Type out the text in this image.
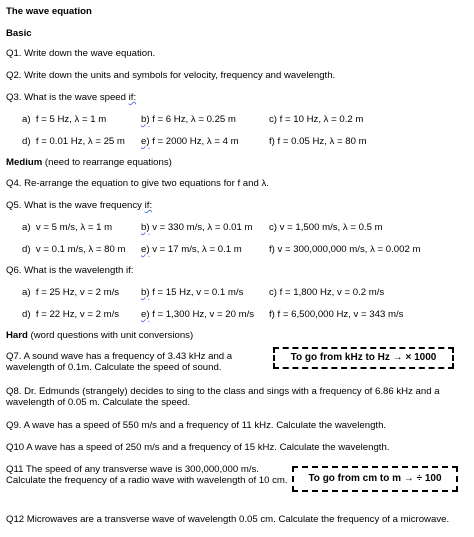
The wave equation
Basic
Q1. Write down the wave equation.
Q2. Write down the units and symbols for velocity, frequency and wavelength.
Q3. What is the wave speed if:
a) f = 5 Hz, λ = 1 m	b) f = 6 Hz, λ = 0.25 m	c) f = 10 Hz, λ = 0.2 m
d) f = 0.01 Hz, λ = 25 m e) f = 2000 Hz, λ = 4 m	f) f = 0.05 Hz, λ = 80 m
Medium (need to rearrange equations)
Q4. Re-arrange the equation to give two equations for f and λ.
Q5. What is the wave frequency if:
a) v = 5 m/s, λ = 1 m	b) v = 330 m/s, λ = 0.01 m c) v = 1,500 m/s, λ = 0.5 m
d) v = 0.1 m/s, λ = 80 m e) v = 17 m/s, λ = 0.1 m	f) v = 300,000,000 m/s, λ = 0.002 m
Q6. What is the wavelength if:
a) f = 25 Hz, v = 2 m/s b) f = 15 Hz, v = 0.1 m/s	c) f = 1,800 Hz, v = 0.2 m/s
d) f = 22 Hz, v = 2 m/s e) f = 1,300 Hz, v = 20 m/s f) f = 6,500,000 Hz, v = 343 m/s
Hard (word questions with unit conversions)
Q7. A sound wave has a frequency of 3.43 kHz and a wavelength of 0.1m. Calculate the speed of sound.
To go from kHz to Hz → × 1000
Q8. Dr. Edmunds (strangely) decides to sing to the class and sings with a frequency of 6.86 kHz and a wavelength of 0.05 m. Calculate the speed.
Q9. A wave has a speed of 550 m/s and a frequency of 11 kHz. Calculate the wavelength.
Q10 A wave has a speed of 250 m/s and a frequency of 15 kHz. Calculate the wavelength.
Q11 The speed of any transverse wave is 300,000,000 m/s. Calculate the frequency of a radio wave with wavelength of 10 cm.	To go from cm to m → ÷ 100
Q12 Microwaves are a transverse wave of wavelength 0.05 cm. Calculate the frequency of a microwave.
